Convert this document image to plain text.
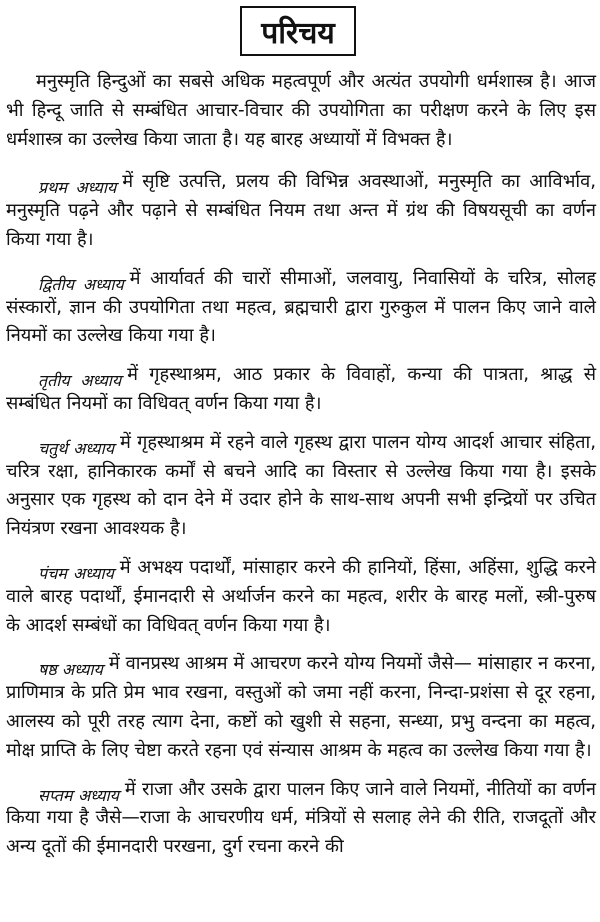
परिचय

मनुस्मृति हिन्दुओं का सबसे अधिक महत्वपूर्ण और अत्यंत उपयोगी धर्मशास्त्र है। आज भी हिन्दू जाति से सम्बंधित आचार-विचार की उपयोगिता का परीक्षण करने के लिए इस धर्मशास्त्र का उल्लेख किया जाता है। यह बारह अध्यायों में विभक्त है।

प्रथम अध्याय में सृष्टि उत्पत्ति, प्रलय की विभिन्न अवस्थाओं, मनुस्मृति का आविर्भाव, मनुस्मृति पढ़ने और पढ़ाने से सम्बंधित नियम तथा अन्त में ग्रंथ की विषयसूची का वर्णन किया गया है।

द्वितीय अध्याय में आर्यावर्त की चारों सीमाओं, जलवायु, निवासियों के चरित्र, सोलह संस्कारों, ज्ञान की उपयोगिता तथा महत्व, ब्रह्मचारी द्वारा गुरुकुल में पालन किए जाने वाले नियमों का उल्लेख किया गया है।

तृतीय अध्याय में गृहस्थाश्रम, आठ प्रकार के विवाहों, कन्या की पात्रता, श्राद्ध से सम्बंधित नियमों का विधिवत् वर्णन किया गया है।

चतुर्थ अध्याय में गृहस्थाश्रम में रहने वाले गृहस्थ द्वारा पालन योग्य आदर्श आचार संहिता, चरित्र रक्षा, हानिकारक कर्मों से बचने आदि का विस्तार से उल्लेख किया गया है। इसके अनुसार एक गृहस्थ को दान देने में उदार होने के साथ-साथ अपनी सभी इन्द्रियों पर उचित नियंत्रण रखना आवश्यक है।

पंचम अध्याय में अभक्ष्य पदार्थों, मांसाहार करने की हानियों, हिंसा, अहिंसा, शुद्धि करने वाले बारह पदार्थों, ईमानदारी से अर्थार्जन करने का महत्व, शरीर के बारह मलों, स्त्री-पुरुष के आदर्श सम्बंधों का विधिवत् वर्णन किया गया है।

षष्ठ अध्याय में वानप्रस्थ आश्रम में आचरण करने योग्य नियमों जैसे— मांसाहार न करना, प्राणिमात्र के प्रति प्रेम भाव रखना, वस्तुओं को जमा नहीं करना, निन्दा-प्रशंसा से दूर रहना, आलस्य को पूरी तरह त्याग देना, कष्टों को खुशी से सहना, सन्ध्या, प्रभु वन्दना का महत्व, मोक्ष प्राप्ति के लिए चेष्टा करते रहना एवं संन्यास आश्रम के महत्व का उल्लेख किया गया है।

सप्तम अध्याय में राजा और उसके द्वारा पालन किए जाने वाले नियमों, नीतियों का वर्णन किया गया है जैसे—राजा के आचरणीय धर्म, मंत्रियों से सलाह लेने की रीति, राजदूतों और अन्य दूतों की ईमानदारी परखना, दुर्ग रचना करने की
